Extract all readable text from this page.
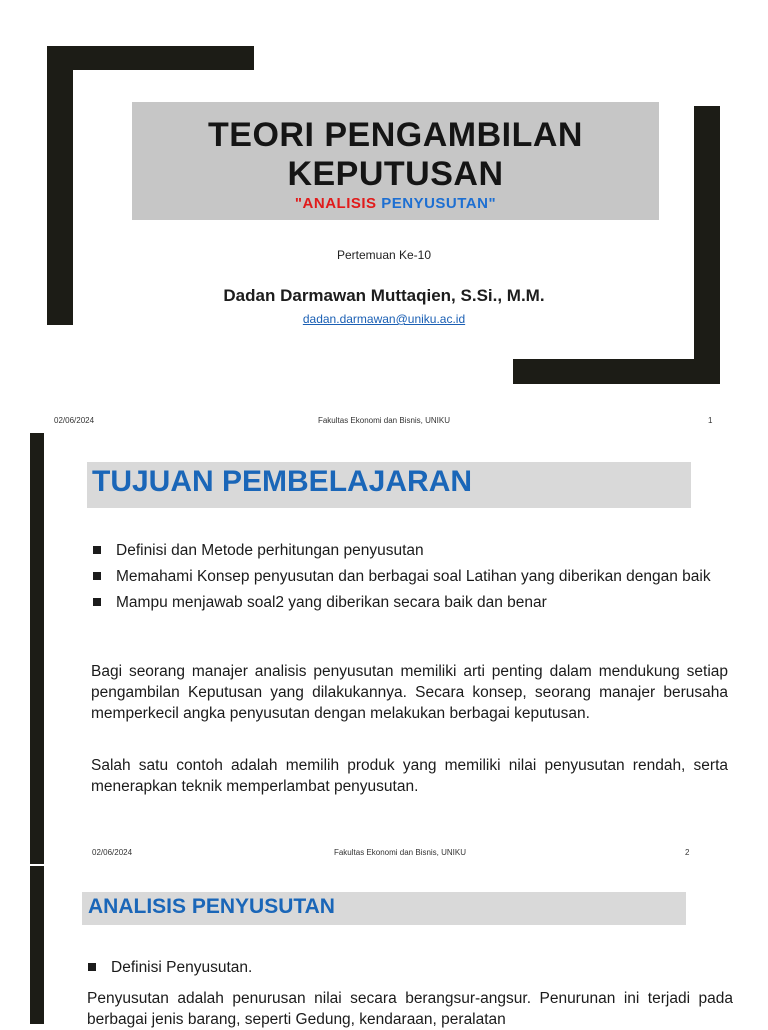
TEORI PENGAMBILAN KEPUTUSAN
"ANALISIS PENYUSUTAN"
Pertemuan Ke-10
Dadan Darmawan Muttaqien, S.Si., M.M.
dadan.darmawan@uniku.ac.id
02/06/2024	Fakultas Ekonomi dan Bisnis, UNIKU	1
TUJUAN PEMBELAJARAN
Definisi dan Metode perhitungan penyusutan
Memahami Konsep penyusutan dan berbagai soal Latihan yang diberikan dengan baik
Mampu menjawab soal2 yang diberikan secara baik dan benar

Bagi seorang manajer analisis penyusutan memiliki arti penting dalam mendukung setiap pengambilan Keputusan yang dilakukannya. Secara konsep, seorang manajer berusaha memperkecil angka penyusutan dengan melakukan berbagai keputusan.

Salah satu contoh adalah memilih produk yang memiliki nilai penyusutan rendah, serta menerapkan teknik memperlambat penyusutan.

02/06/2024	Fakultas Ekonomi dan Bisnis, UNIKU	2
ANALISIS PENYUSUTAN
Definisi Penyusutan.

Penyusutan adalah penurusan nilai secara berangsur-angsur. Penurunan ini terjadi pada berbagai jenis barang, seperti Gedung, kendaraan, peralatan
